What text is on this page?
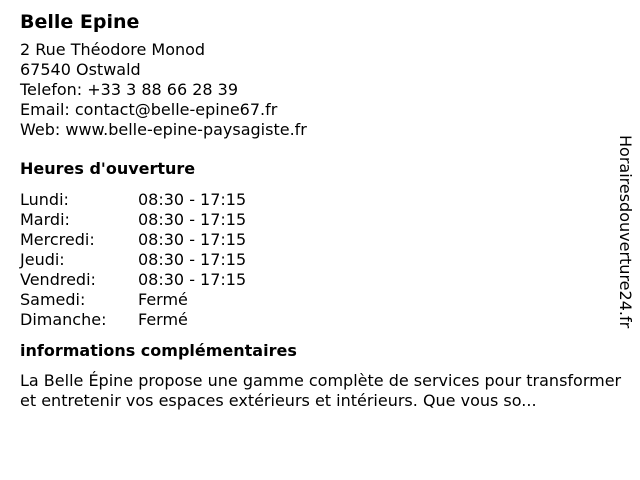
Belle Epine
2 Rue Théodore Monod
67540 Ostwald
Telefon: +33 3 88 66 28 39
Email: contact@belle-epine67.fr
Web: www.belle-epine-paysagiste.fr
Heures d'ouverture
Lundi:	08:30 - 17:15
Mardi:	08:30 - 17:15
Mercredi:	08:30 - 17:15
Jeudi:	08:30 - 17:15
Vendredi:	08:30 - 17:15
Samedi:	Fermé
Dimanche:	Fermé
informations complémentaires
La Belle Épine propose une gamme complète de services pour transformer et entretenir vos espaces extérieurs et intérieurs. Que vous so...
Horairesdouverture24.fr
